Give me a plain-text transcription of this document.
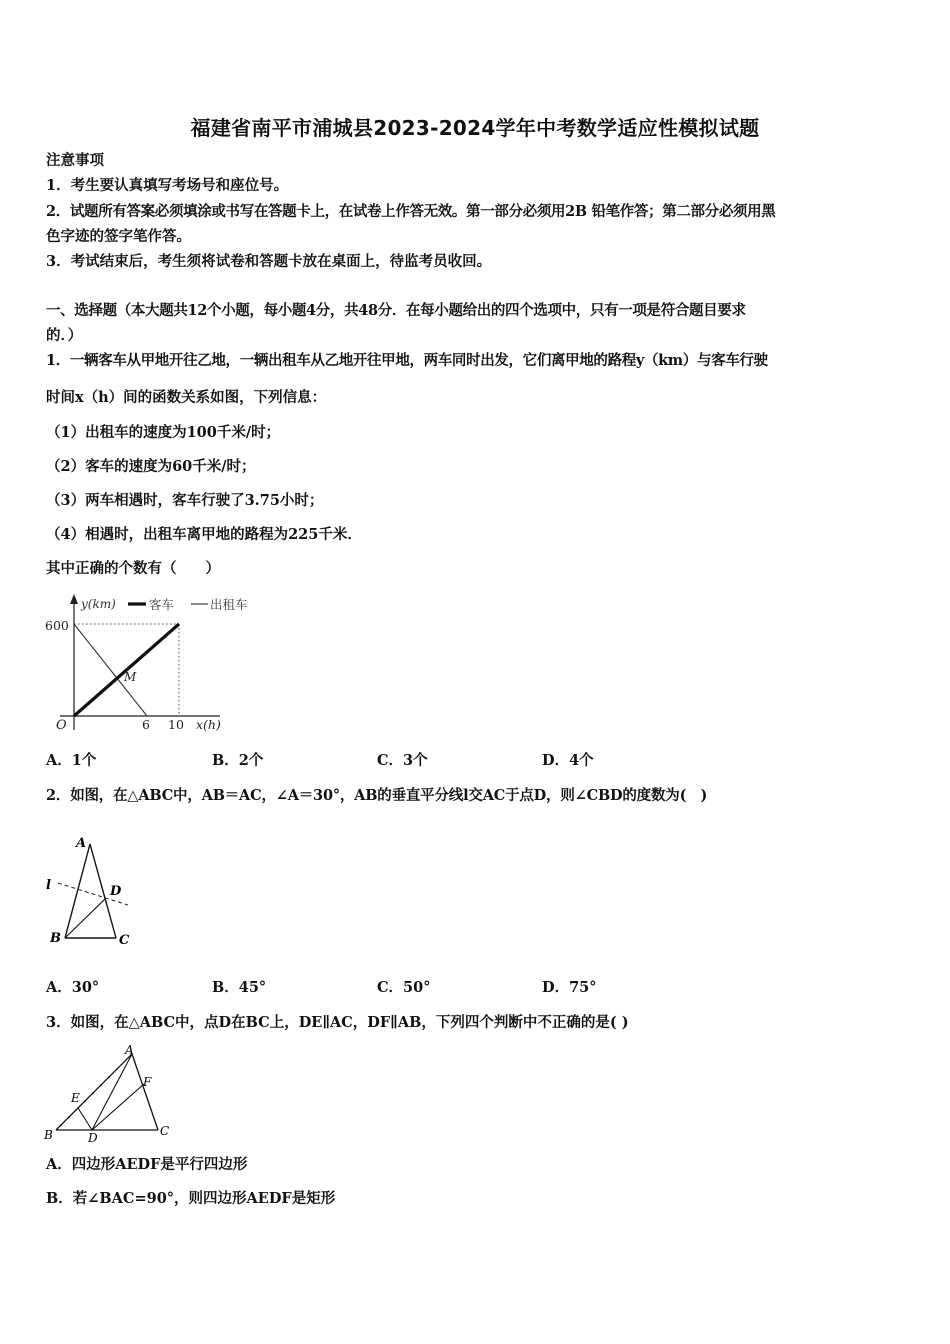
福建省南平市浦城县2023-2024学年中考数学适应性模拟试题
注意事项
1．考生要认真填写考场号和座位号。
2．试题所有答案必须填涂或书写在答题卡上，在试卷上作答无效。第一部分必须用2B 铅笔作答；第二部分必须用黑
色字迹的签字笔作答。
3．考试结束后，考生须将试卷和答题卡放在桌面上，待监考员收回。
一、选择题（本大题共12个小题，每小题4分，共48分．在每小题给出的四个选项中，只有一项是符合题目要求
的．）
1．一辆客车从甲地开往乙地，一辆出租车从乙地开往甲地，两车同时出发，它们离甲地的路程y（km）与客车行驶
时间x（h）间的函数关系如图，下列信息：
（1）出租车的速度为100千米/时；
（2）客车的速度为60千米/时；
（3）两车相遇时，客车行驶了3.75小时；
（4）相遇时，出租车离甲地的路程为225千米．
其中正确的个数有（　　）
y(km)	客车	出租车
600
O	6 10 x(h)
M
A．1个	B．2个	C．3个	D．4个
2．如图，在△ABC中，AB＝AC，∠A＝30°，AB的垂直平分线l交AC于点D，则∠CBD的度数为(　)
A
l	D
B	C
A．30°	B．45°	C．50°	D．75°
3．如图，在△ABC中，点D在BC上，DE∥AC，DF∥AB，下列四个判断中不正确的是( )
A
F
E
B	D	C
A．四边形AEDF是平行四边形
B．若∠BAC=90°，则四边形AEDF是矩形
